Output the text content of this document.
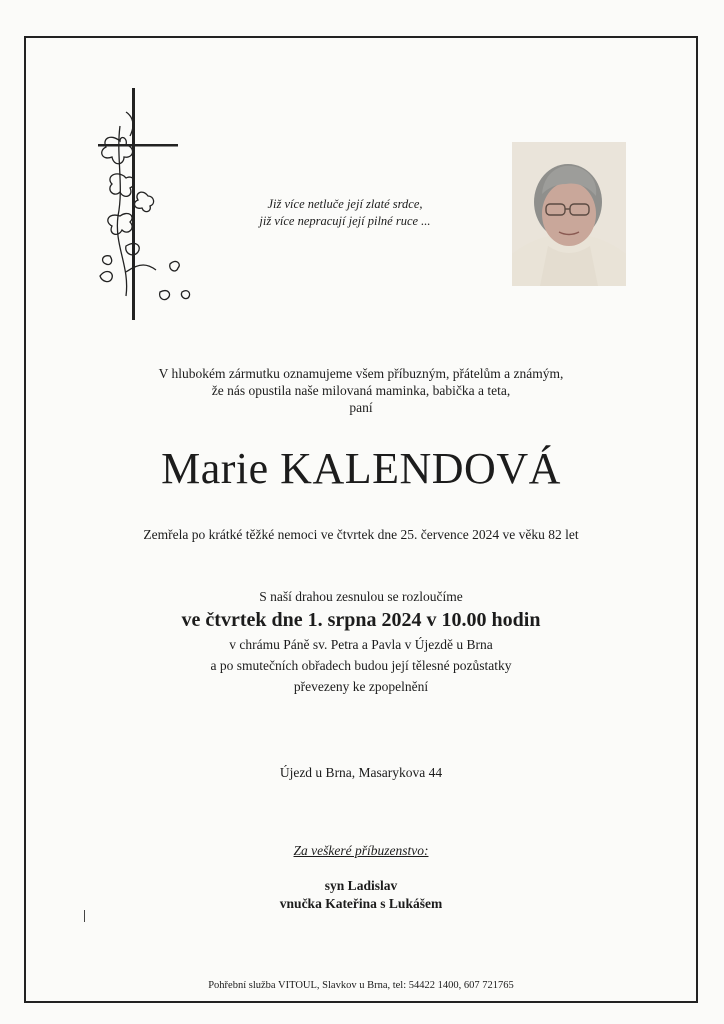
Již více netluče její zlaté srdce,
již více nepracují její pilné ruce ...
V hlubokém zármutku oznamujeme všem příbuzným, přátelům a známým,
že nás opustila naše milovaná maminka, babička a teta,
paní
Marie KALENDOVÁ
Zemřela po krátké těžké nemoci ve čtvrtek dne 25. července 2024 ve věku 82 let
S naší drahou zesnulou se rozloučíme
ve čtvrtek dne 1. srpna 2024 v 10.00 hodin
v chrámu Páně sv. Petra a Pavla v Újezdě u Brna
a po smutečních obřadech budou její tělesné pozůstatky
převezeny ke zpopelnění
Újezd u Brna, Masarykova 44
Za veškeré příbuzenstvo:
syn Ladislav
vnučka Kateřina s Lukášem
Pohřební služba VITOUL, Slavkov u Brna, tel: 54422 1400, 607 721765
